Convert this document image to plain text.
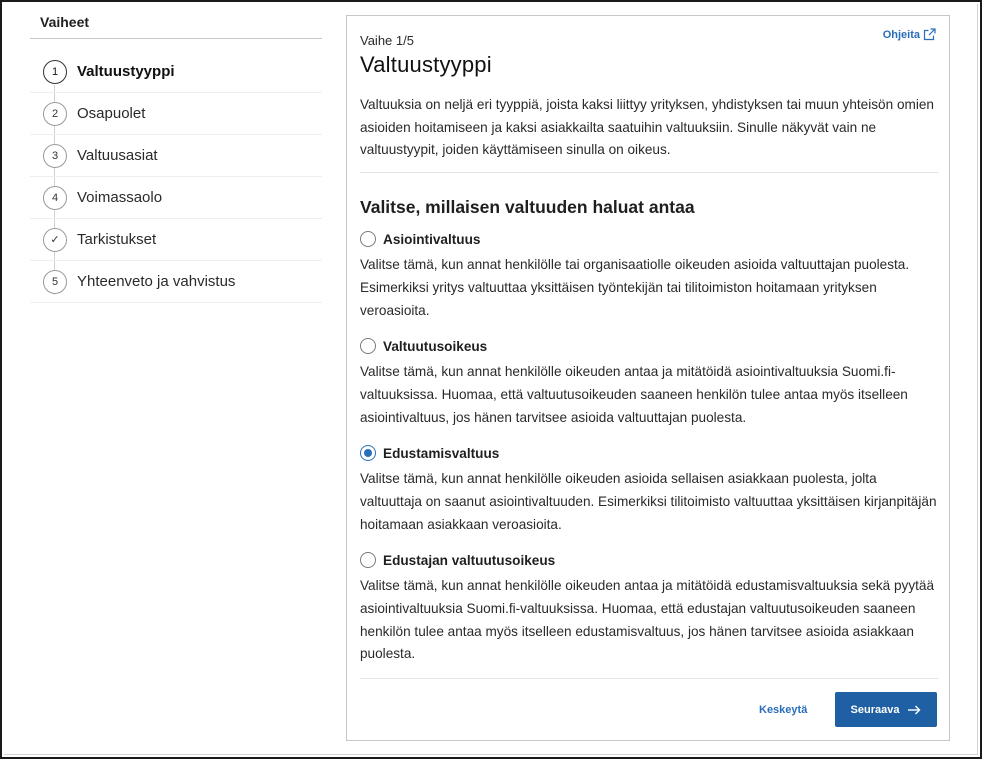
Vaiheet
1	Valtuustyyppi
2	Osapuolet
3	Valtuusasiat
4	Voimassaolo
✓	Tarkistukset
5	Yhteenveto ja vahvistus
Ohjeita
Vaihe 1/5
Valtuustyyppi

Valtuuksia on neljä eri tyyppiä, joista kaksi liittyy yrityksen, yhdistyksen tai muun yhteisön omien asioiden hoitamiseen ja kaksi asiakkailta saatuihin valtuuksiin. Sinulle näkyvät vain ne valtuustyypit, joiden käyttämiseen sinulla on oikeus.

Valitse, millaisen valtuuden haluat antaa
Asiointivaltuus
Valitse tämä, kun annat henkilölle tai organisaatiolle oikeuden asioida valtuuttajan puolesta. Esimerkiksi yritys valtuuttaa yksittäisen työntekijän tai tilitoimiston hoitamaan yrityksen veroasioita.
Valtuutusoikeus
Valitse tämä, kun annat henkilölle oikeuden antaa ja mitätöidä asiointivaltuuksia Suomi.fi-valtuuksissa. Huomaa, että valtuutusoikeuden saaneen henkilön tulee antaa myös itselleen asiointivaltuus, jos hänen tarvitsee asioida valtuuttajan puolesta.
Edustamisvaltuus
Valitse tämä, kun annat henkilölle oikeuden asioida sellaisen asiakkaan puolesta, jolta valtuuttaja on saanut asiointivaltuuden. Esimerkiksi tilitoimisto valtuuttaa yksittäisen kirjanpitäjän hoitamaan asiakkaan veroasioita.
Edustajan valtuutusoikeus
Valitse tämä, kun annat henkilölle oikeuden antaa ja mitätöidä edustamisvaltuuksia sekä pyytää asiointivaltuuksia Suomi.fi-valtuuksissa. Huomaa, että edustajan valtuutusoikeuden saaneen henkilön tulee antaa myös itselleen edustamisvaltuus, jos hänen tarvitsee asioida asiakkaan puolesta.
Keskeytä	Seuraava
